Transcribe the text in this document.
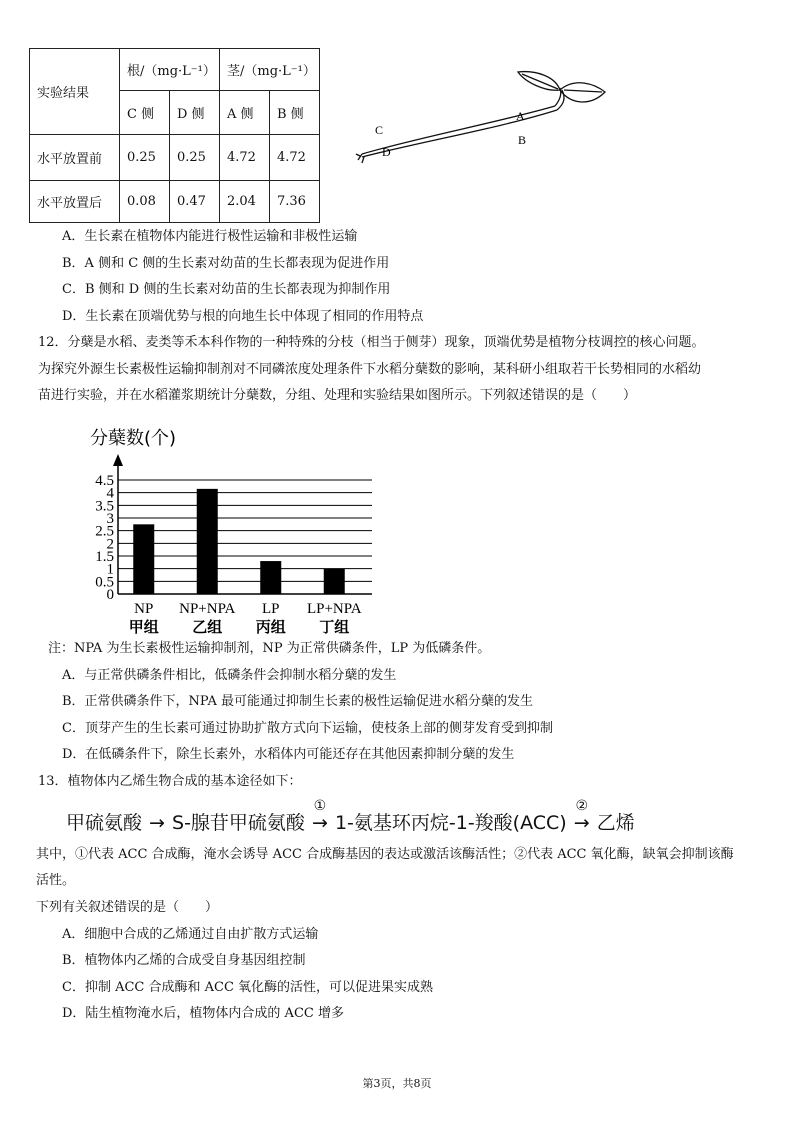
实验结果	根/（mg·L⁻¹）		茎/（mg·L⁻¹）	
	C 侧	D 侧	A 侧	B 侧
水平放置前	0.25	0.25	4.72	4.72
水平放置后	0.08	0.47	2.04	7.36
C
D
A
B
A．生长素在植物体内能进行极性运输和非极性运输
B．A 侧和 C 侧的生长素对幼苗的生长都表现为促进作用
C．B 侧和 D 侧的生长素对幼苗的生长都表现为抑制作用
D．生长素在顶端优势与根的向地生长中体现了相同的作用特点
12．分蘖是水稻、麦类等禾本科作物的一种特殊的分枝（相当于侧芽）现象，顶端优势是植物分枝调控的核心问题。
为探究外源生长素极性运输抑制剂对不同磷浓度处理条件下水稻分蘖数的影响，某科研小组取若干长势相同的水稻幼
苗进行实验，并在水稻灌浆期统计分蘖数，分组、处理和实验结果如图所示。下列叙述错误的是（　　）
分蘖数(个)
0
0.5
1
1.5
2
2.5
3
3.5
4
4.5
NP NP+NPA LP LP+NPA
甲组 乙组 丙组 丁组
注：NPA 为生长素极性运输抑制剂，NP 为正常供磷条件，LP 为低磷条件。
A．与正常供磷条件相比，低磷条件会抑制水稻分蘖的发生
B．正常供磷条件下，NPA 最可能通过抑制生长素的极性运输促进水稻分蘖的发生
C．顶芽产生的生长素可通过协助扩散方式向下运输，使枝条上部的侧芽发育受到抑制
D．在低磷条件下，除生长素外，水稻体内可能还存在其他因素抑制分蘖的发生
13．植物体内乙烯生物合成的基本途径如下：
甲硫氨酸 → S-腺苷甲硫氨酸
①
→ 1-氨基环丙烷-1-羧酸(ACC)
②
→ 乙烯
其中，①代表 ACC 合成酶，淹水会诱导 ACC 合成酶基因的表达或激活该酶活性；②代表 ACC 氧化酶，缺氧会抑制该酶
活性。
下列有关叙述错误的是（　　）
A．细胞中合成的乙烯通过自由扩散方式运输
B．植物体内乙烯的合成受自身基因组控制
C．抑制 ACC 合成酶和 ACC 氧化酶的活性，可以促进果实成熟
D．陆生植物淹水后，植物体内合成的 ACC 增多
第3页，共8页
